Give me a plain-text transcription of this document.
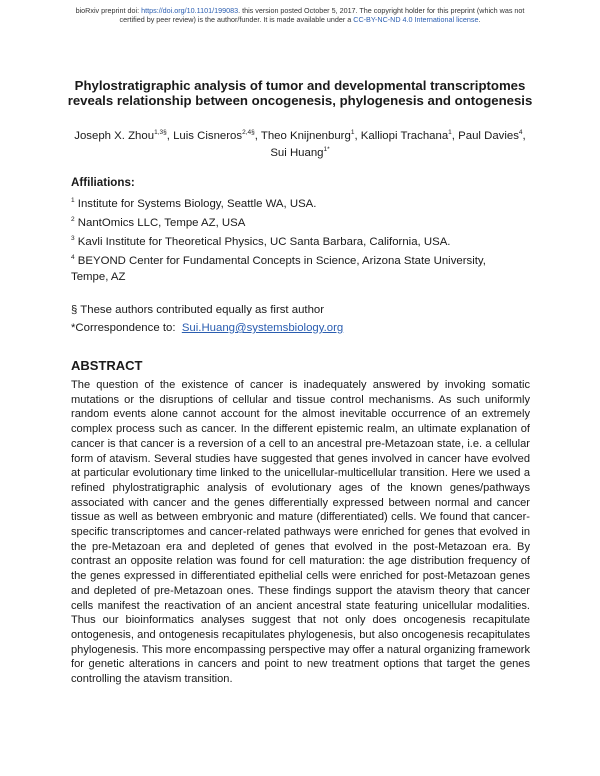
bioRxiv preprint doi: https://doi.org/10.1101/199083. this version posted October 5, 2017. The copyright holder for this preprint (which was not
certified by peer review) is the author/funder. It is made available under a CC-BY-NC-ND 4.0 International license.
Phylostratigraphic analysis of tumor and developmental transcriptomes reveals relationship between oncogenesis, phylogenesis and ontogenesis
Joseph X. Zhou$^{1,3\S}$, Luis Cisneros$^{2,4\S}$, Theo Knijnenburg$^1$, Kalliopi Trachana$^1$, Paul Davies$^4$, Sui Huang$^{1*}$
Affiliations:
$^1$ Institute for Systems Biology, Seattle WA, USA.
$^2$ NantOmics LLC, Tempe AZ, USA
$^3$ Kavli Institute for Theoretical Physics, UC Santa Barbara, California, USA.
$^4$ BEYOND Center for Fundamental Concepts in Science, Arizona State University, Tempe, AZ
§ These authors contributed equally as first author
*Correspondence to:  Sui.Huang@systemsbiology.org
ABSTRACT

The question of the existence of cancer is inadequately answered by invoking somatic mutations or the disruptions of cellular and tissue control mechanisms. As such uniformly random events alone cannot account for the almost inevitable occurrence of an extremely complex process such as cancer. In the different epistemic realm, an ultimate explanation of cancer is that cancer is a reversion of a cell to an ancestral pre-Metazoan state, i.e. a cellular form of atavism. Several studies have suggested that genes involved in cancer have evolved at particular evolutionary time linked to the unicellular-multicellular transition. Here we used a refined phylostratigraphic analysis of evolutionary ages of the known genes/pathways associated with cancer and the genes differentially expressed between normal and cancer tissue as well as between embryonic and mature (differentiated) cells. We found that cancer-specific transcriptomes and cancer-related pathways were enriched for genes that evolved in the pre-Metazoan era and depleted of genes that evolved in the post-Metazoan era. By contrast an opposite relation was found for cell maturation: the age distribution frequency of the genes expressed in differentiated epithelial cells were enriched for post-Metazoan genes and depleted of pre-Metazoan ones. These findings support the atavism theory that cancer cells manifest the reactivation of an ancient ancestral state featuring unicellular modalities. Thus our bioinformatics analyses suggest that not only does oncogenesis recapitulate ontogenesis, and ontogenesis recapitulates phylogenesis, but also oncogenesis recapitulates phylogenesis. This more encompassing perspective may offer a natural organizing framework for genetic alterations in cancers and point to new treatment options that target the genes controlling the atavism transition.
